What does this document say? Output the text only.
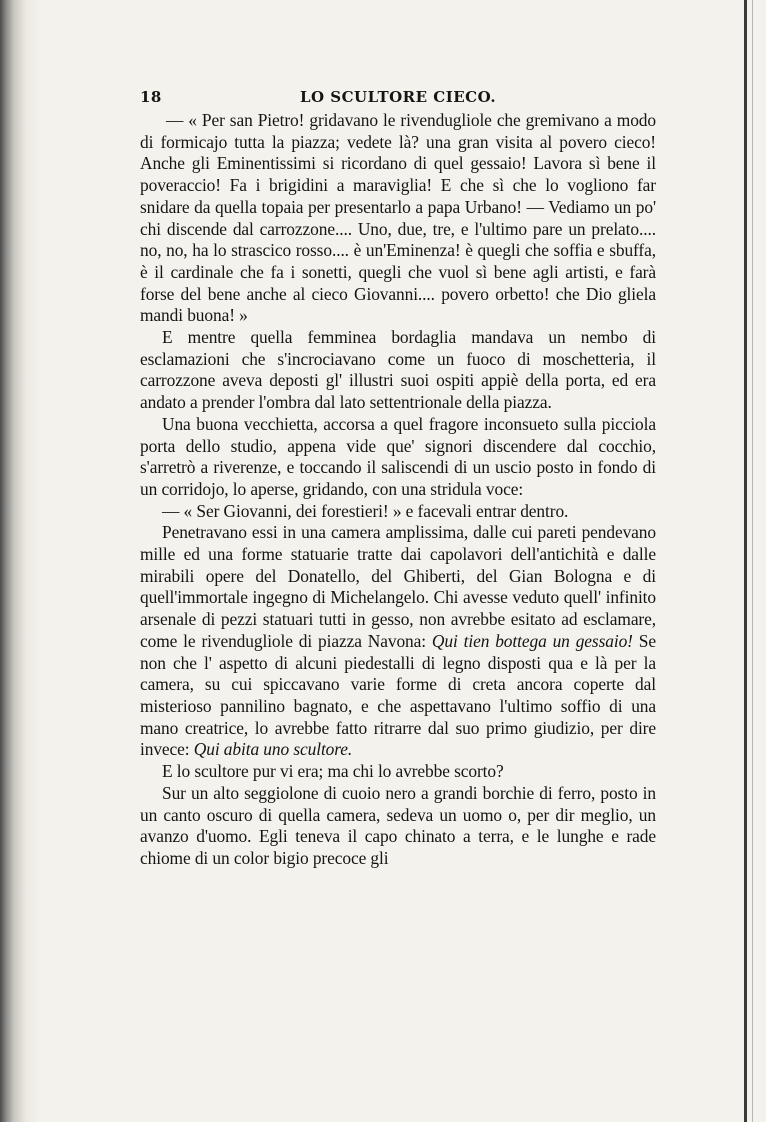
18	LO SCULTORE CIECO.

— « Per san Pietro! gridavano le rivendugliole che gremivano a modo di formicajo tutta la piazza; vedete là? una gran visita al povero cieco! Anche gli Eminentissimi si ricordano di quel gessaio! Lavora sì bene il poveraccio! Fa i brigidini a maraviglia! E che sì che lo vogliono far snidare da quella topaia per presentarlo a papa Urbano! — Vediamo un po' chi discende dal carrozzone.... Uno, due, tre, e l'ultimo pare un prelato.... no, no, ha lo strascico rosso.... è un'Eminenza! è quegli che soffia e sbuffa, è il cardinale che fa i sonetti, quegli che vuol sì bene agli artisti, e farà forse del bene anche al cieco Giovanni.... povero orbetto! che Dio gliela mandi buona! »

E mentre quella femminea bordaglia mandava un nembo di esclamazioni che s'incrociavano come un fuoco di moschetteria, il carrozzone aveva deposti gl' illustri suoi ospiti appiè della porta, ed era andato a prender l'ombra dal lato settentrionale della piazza.

Una buona vecchietta, accorsa a quel fragore inconsueto sulla picciola porta dello studio, appena vide que' signori discendere dal cocchio, s'arretrò a riverenze, e toccando il saliscendi di un uscio posto in fondo di un corridojo, lo aperse, gridando, con una stridula voce:

— « Ser Giovanni, dei forestieri! » e facevali entrar dentro.

Penetravano essi in una camera amplissima, dalle cui pareti pendevano mille ed una forme statuarie tratte dai capolavori dell'antichità e dalle mirabili opere del Donatello, del Ghiberti, del Gian Bologna e di quell'immortale ingegno di Michelangelo. Chi avesse veduto quell' infinito arsenale di pezzi statuari tutti in gesso, non avrebbe esitato ad esclamare, come le rivendugliole di piazza Navona: Qui tien bottega un gessaio! Se non che l' aspetto di alcuni piedestalli di legno disposti qua e là per la camera, su cui spiccavano varie forme di creta ancora coperte dal misterioso pannilino bagnato, e che aspettavano l'ultimo soffio di una mano creatrice, lo avrebbe fatto ritrarre dal suo primo giudizio, per dire invece: Qui abita uno scultore.

E lo scultore pur vi era; ma chi lo avrebbe scorto?

Sur un alto seggiolone di cuoio nero a grandi borchie di ferro, posto in un canto oscuro di quella camera, sedeva un uomo o, per dir meglio, un avanzo d'uomo. Egli teneva il capo chinato a terra, e le lunghe e rade chiome di un color bigio precoce gli
